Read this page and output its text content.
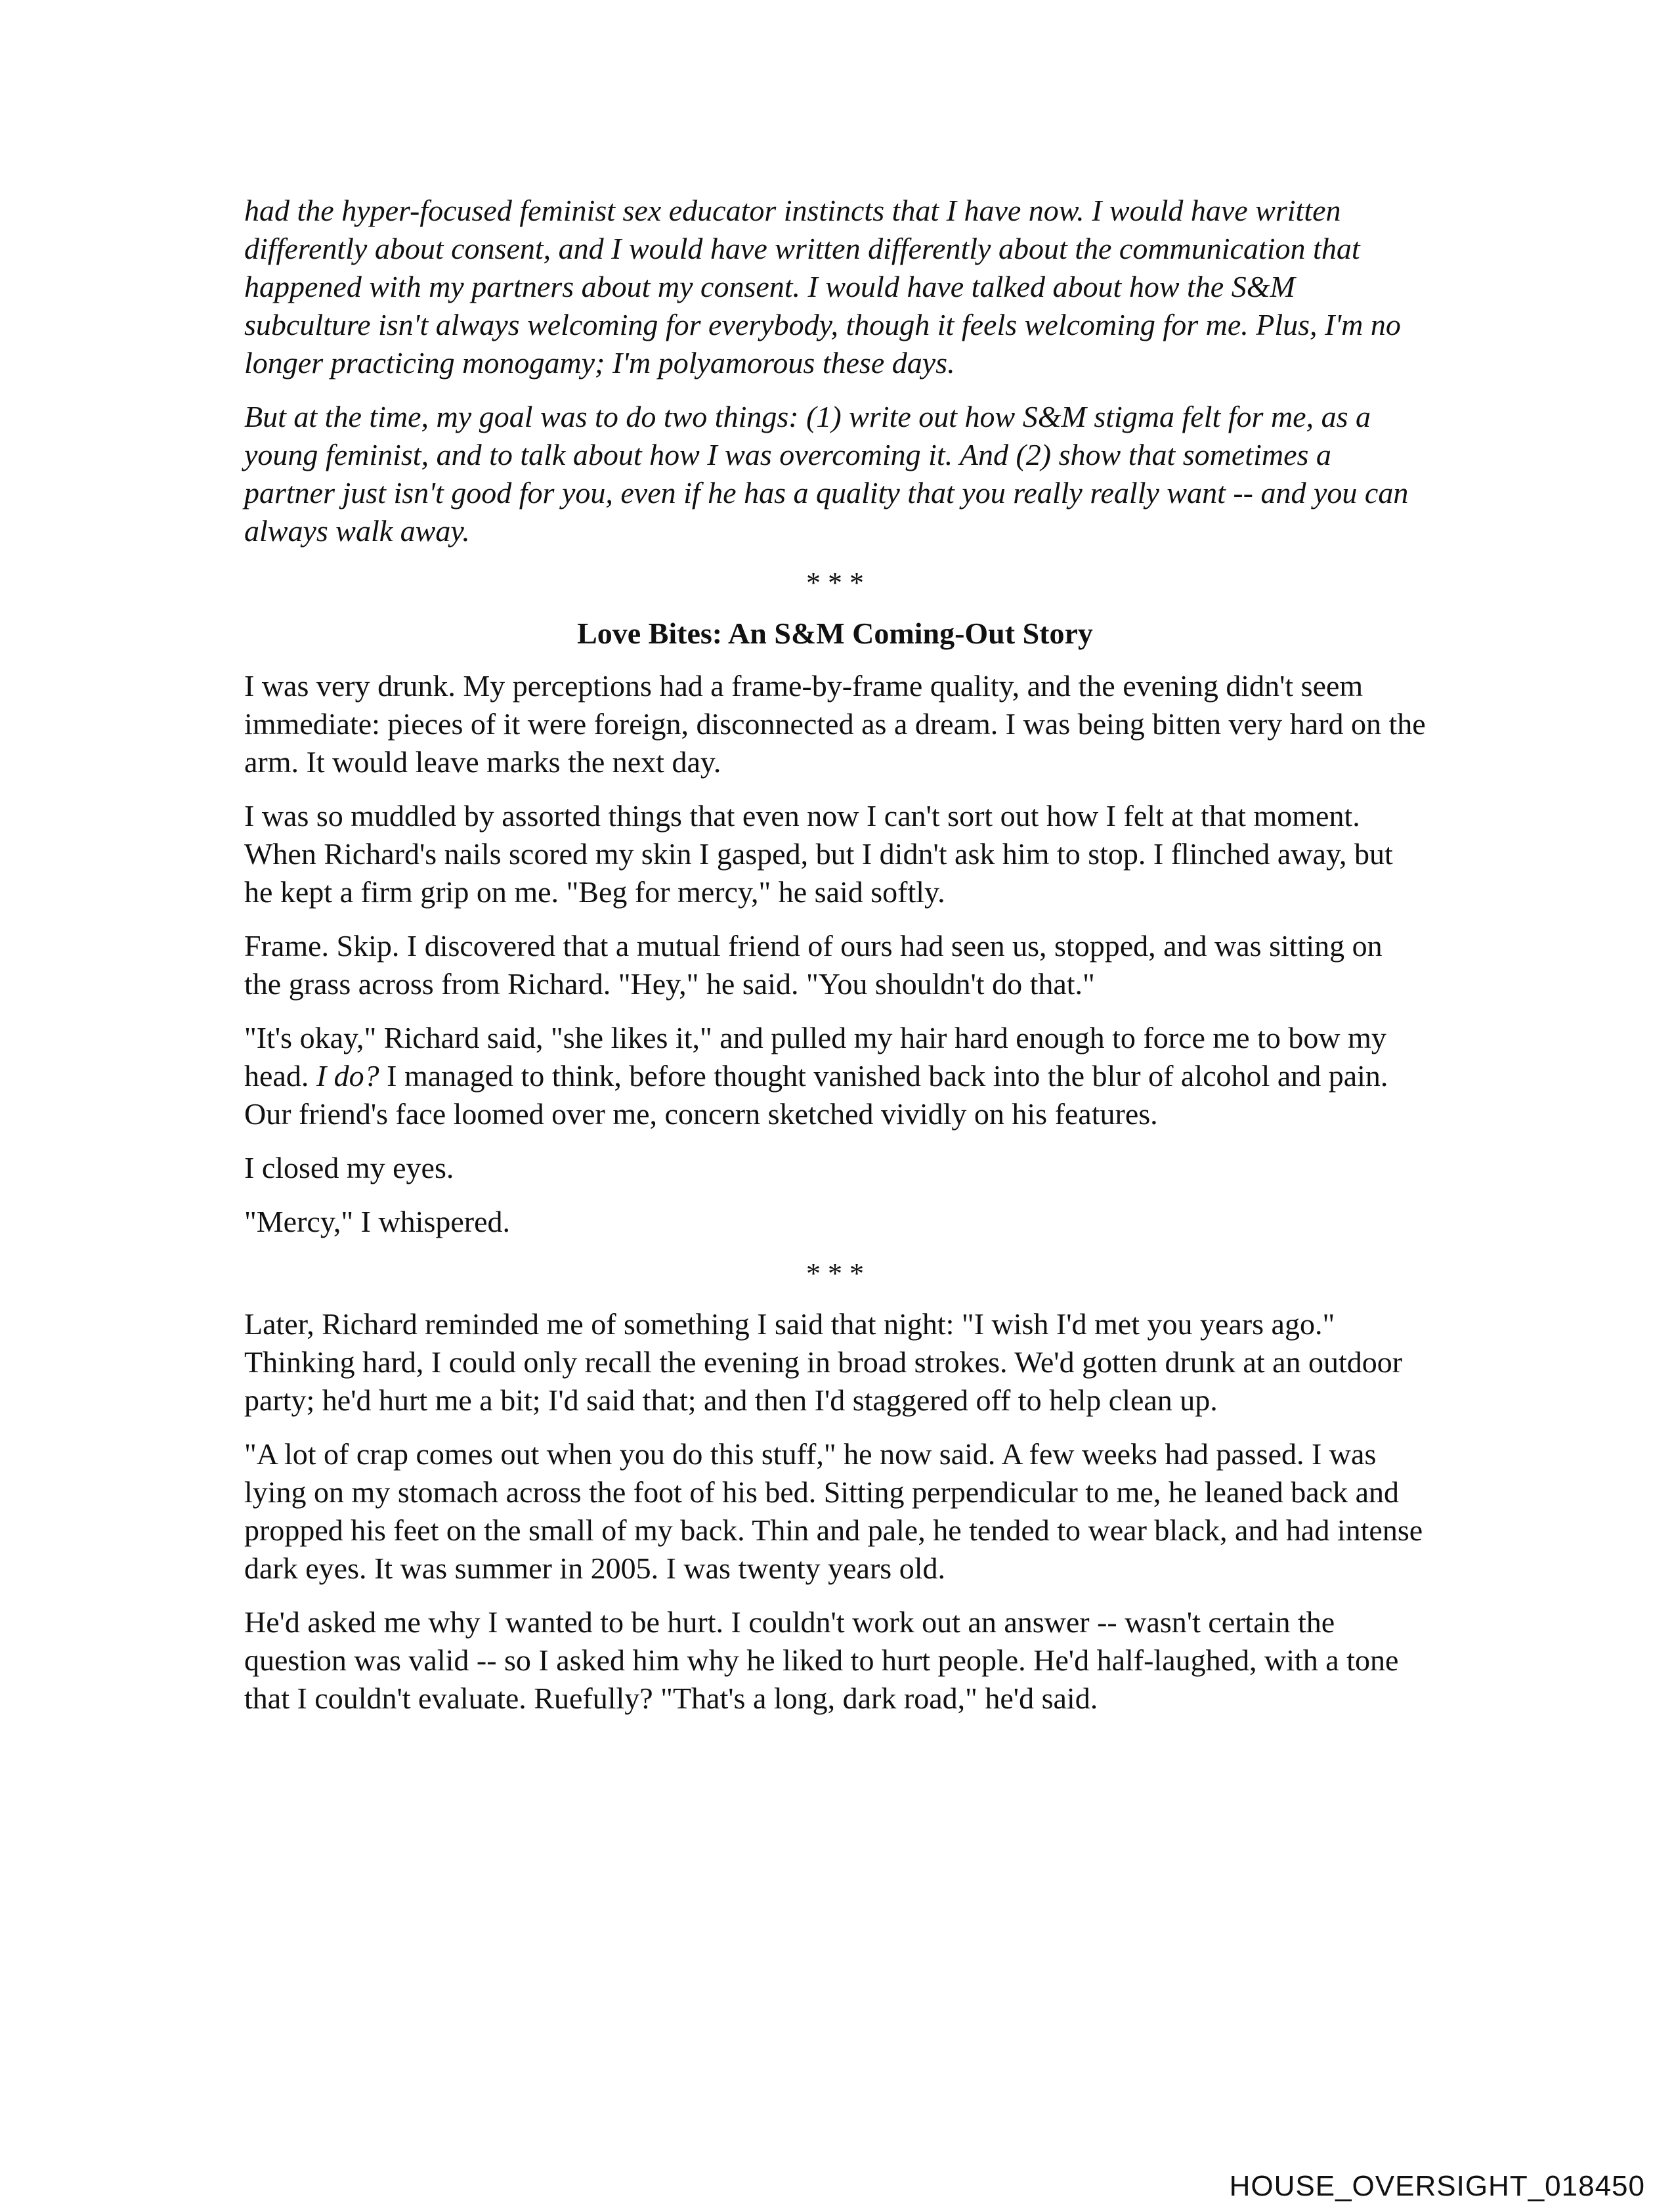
had the hyper-focused feminist sex educator instincts that I have now. I would have written differently about consent, and I would have written differently about the communication that happened with my partners about my consent. I would have talked about how the S&M subculture isn't always welcoming for everybody, though it feels welcoming for me. Plus, I'm no longer practicing monogamy; I'm polyamorous these days.

But at the time, my goal was to do two things: (1) write out how S&M stigma felt for me, as a young feminist, and to talk about how I was overcoming it. And (2) show that sometimes a partner just isn't good for you, even if he has a quality that you really really want -- and you can always walk away.

* * *
Love Bites: An S&M Coming-Out Story

I was very drunk. My perceptions had a frame-by-frame quality, and the evening didn't seem immediate: pieces of it were foreign, disconnected as a dream. I was being bitten very hard on the arm. It would leave marks the next day.

I was so muddled by assorted things that even now I can't sort out how I felt at that moment. When Richard's nails scored my skin I gasped, but I didn't ask him to stop. I flinched away, but he kept a firm grip on me. "Beg for mercy," he said softly.

Frame. Skip. I discovered that a mutual friend of ours had seen us, stopped, and was sitting on the grass across from Richard. "Hey," he said. "You shouldn't do that."

"It's okay," Richard said, "she likes it," and pulled my hair hard enough to force me to bow my head. I do? I managed to think, before thought vanished back into the blur of alcohol and pain. Our friend's face loomed over me, concern sketched vividly on his features.

I closed my eyes.

"Mercy," I whispered.

* * *

Later, Richard reminded me of something I said that night: "I wish I'd met you years ago." Thinking hard, I could only recall the evening in broad strokes. We'd gotten drunk at an outdoor party; he'd hurt me a bit; I'd said that; and then I'd staggered off to help clean up.

"A lot of crap comes out when you do this stuff," he now said. A few weeks had passed. I was lying on my stomach across the foot of his bed. Sitting perpendicular to me, he leaned back and propped his feet on the small of my back. Thin and pale, he tended to wear black, and had intense dark eyes. It was summer in 2005. I was twenty years old.

He'd asked me why I wanted to be hurt. I couldn't work out an answer -- wasn't certain the question was valid -- so I asked him why he liked to hurt people. He'd half-laughed, with a tone that I couldn't evaluate. Ruefully? "That's a long, dark road," he'd said.

HOUSE_OVERSIGHT_018450
